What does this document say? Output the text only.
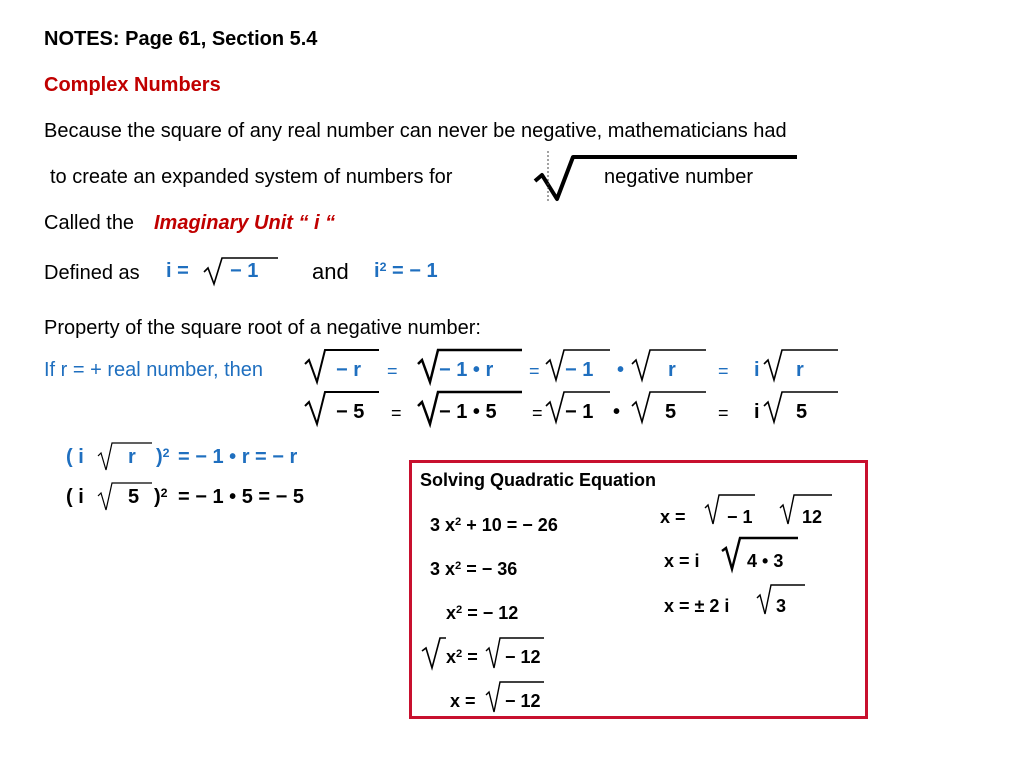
NOTES: Page 61, Section 5.4
Complex Numbers
Because the square of any real number can never be negative, mathematicians had
to create an expanded system of numbers for	negative number
Called the Imaginary Unit “ i “
Defined as i = − 1 and $i^2$ = − 1
Property of the square root of a negative number:
If r = + real number, then	− r = − 1 • r = − 1 • r = i r
− 5 = − 1 • 5 = − 1 • 5 = i 5
( i r )$^2$ = − 1 • r = − r
( i 5 )$^2$ = − 1 • 5 = − 5
Solving Quadratic Equation
3 $x^2 + 10$ = − 26
3 $x^2$ = − 36
$x^2$ = − 12
$x^2$ = − 12
x = − 12
x = − 1	12
x = i	4 • 3
x = ± 2 i	3
